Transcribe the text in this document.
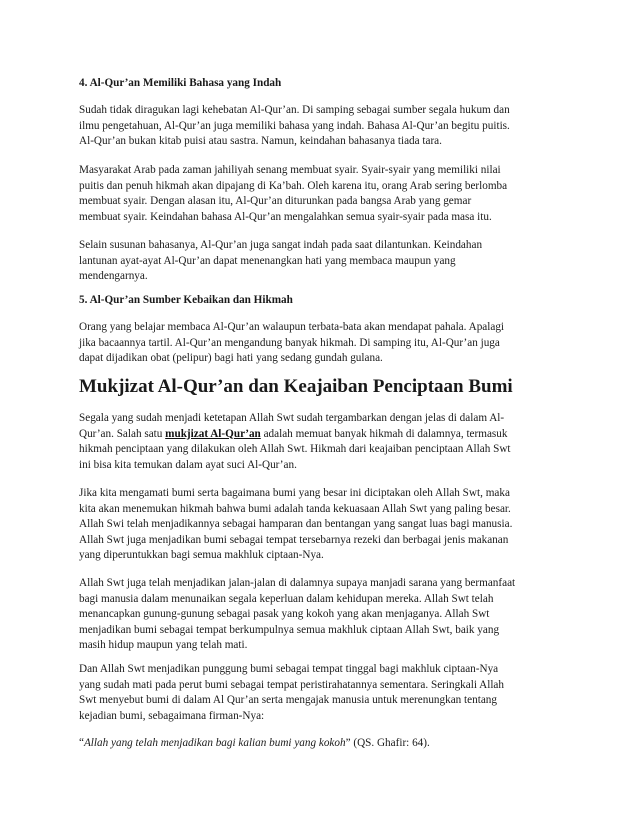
4. Al-Qur’an Memiliki Bahasa yang Indah
Sudah tidak diragukan lagi kehebatan Al-Qur’an. Di samping sebagai sumber segala hukum dan
ilmu pengetahuan, Al-Qur’an juga memiliki bahasa yang indah. Bahasa Al-Qur’an begitu puitis.
Al-Qur’an bukan kitab puisi atau sastra. Namun, keindahan bahasanya tiada tara.
Masyarakat Arab pada zaman jahiliyah senang membuat syair. Syair-syair yang memiliki nilai
puitis dan penuh hikmah akan dipajang di Ka’bah. Oleh karena itu, orang Arab sering berlomba
membuat syair. Dengan alasan itu, Al-Qur’an diturunkan pada bangsa Arab yang gemar
membuat syair. Keindahan bahasa Al-Qur’an mengalahkan semua syair-syair pada masa itu.
Selain susunan bahasanya, Al-Qur’an juga sangat indah pada saat dilantunkan. Keindahan
lantunan ayat-ayat Al-Qur’an dapat menenangkan hati yang membaca maupun yang
mendengarnya.
5. Al-Qur’an Sumber Kebaikan dan Hikmah
Orang yang belajar membaca Al-Qur’an walaupun terbata-bata akan mendapat pahala. Apalagi
jika bacaannya tartil. Al-Qur’an mengandung banyak hikmah. Di samping itu, Al-Qur’an juga
dapat dijadikan obat (pelipur) bagi hati yang sedang gundah gulana.
Mukjizat Al-Qur’an dan Keajaiban Penciptaan Bumi
Segala yang sudah menjadi ketetapan Allah Swt sudah tergambarkan dengan jelas di dalam Al-
Qur’an. Salah satu mukjizat Al-Qur’an adalah memuat banyak hikmah di dalamnya, termasuk
hikmah penciptaan yang dilakukan oleh Allah Swt. Hikmah dari keajaiban penciptaan Allah Swt
ini bisa kita temukan dalam ayat suci Al-Qur’an.
Jika kita mengamati bumi serta bagaimana bumi yang besar ini diciptakan oleh Allah Swt, maka
kita akan menemukan hikmah bahwa bumi adalah tanda kekuasaan Allah Swt yang paling besar.
Allah Swi telah menjadikannya sebagai hamparan dan bentangan yang sangat luas bagi manusia.
Allah Swt juga menjadikan bumi sebagai tempat tersebarnya rezeki dan berbagai jenis makanan
yang diperuntukkan bagi semua makhluk ciptaan-Nya.
Allah Swt juga telah menjadikan jalan-jalan di dalamnya supaya manjadi sarana yang bermanfaat
bagi manusia dalam menunaikan segala keperluan dalam kehidupan mereka. Allah Swt telah
menancapkan gunung-gunung sebagai pasak yang kokoh yang akan menjaganya. Allah Swt
menjadikan bumi sebagai tempat berkumpulnya semua makhluk ciptaan Allah Swt, baik yang
masih hidup maupun yang telah mati.
Dan Allah Swt menjadikan punggung bumi sebagai tempat tinggal bagi makhluk ciptaan-Nya
yang sudah mati pada perut bumi sebagai tempat peristirahatannya sementara. Seringkali Allah
Swt menyebut bumi di dalam Al Qur’an serta mengajak manusia untuk merenungkan tentang
kejadian bumi, sebagaimana firman-Nya:
“Allah yang telah menjadikan bagi kalian bumi yang kokoh” (QS. Ghafir: 64).
